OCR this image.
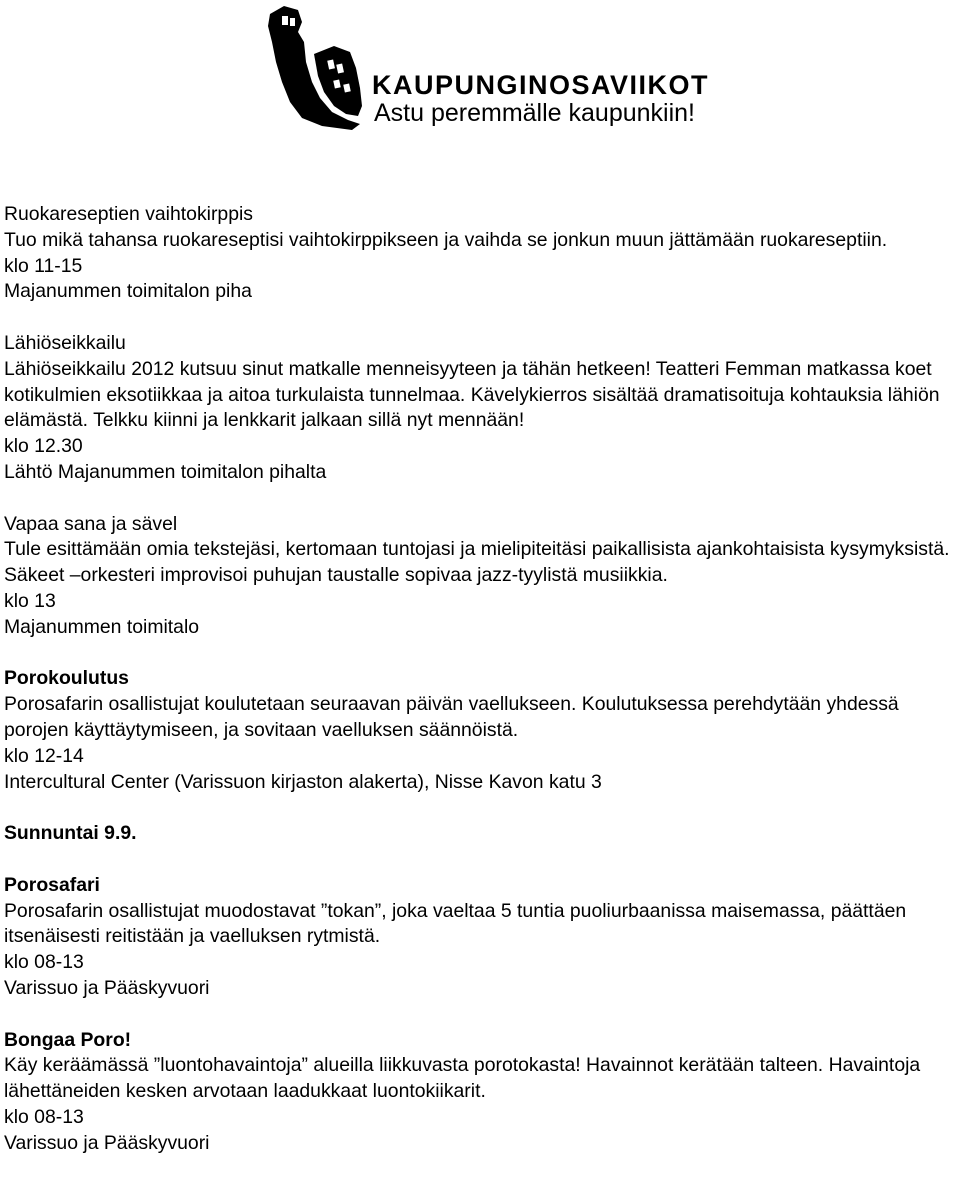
KAUPUNGINOSAVIIKOT
Astu peremmälle kaupunkiin!

Ruokareseptien vaihtokirppis

Tuo mikä tahansa ruokareseptisi vaihtokirppikseen ja vaihda se jonkun muun jättämään ruokareseptiin.

klo 11-15

Majanummen toimitalon piha

Lähiöseikkailu

Lähiöseikkailu 2012 kutsuu sinut matkalle menneisyyteen ja tähän hetkeen! Teatteri Femman matkassa koet kotikulmien eksotiikkaa ja aitoa turkulaista tunnelmaa. Kävelykierros sisältää dramatisoituja kohtauksia lähiön elämästä. Telkku kiinni ja lenkkarit jalkaan sillä nyt mennään!

klo 12.30

Lähtö Majanummen toimitalon pihalta

Vapaa sana ja sävel

Tule esittämään omia tekstejäsi, kertomaan tuntojasi ja mielipiteitäsi paikallisista ajankohtaisista kysymyksistä. Säkeet –orkesteri improvisoi puhujan taustalle sopivaa jazz-tyylistä musiikkia.

klo 13

Majanummen toimitalo

Porokoulutus

Porosafarin osallistujat koulutetaan seuraavan päivän vaellukseen. Koulutuksessa perehdytään yhdessä porojen käyttäytymiseen, ja sovitaan vaelluksen säännöistä.

klo 12-14

Intercultural Center (Varissuon kirjaston alakerta), Nisse Kavon katu 3

Sunnuntai 9.9.

Porosafari

Porosafarin osallistujat muodostavat ”tokan”, joka vaeltaa 5 tuntia puoliurbaanissa maisemassa, päättäen itsenäisesti reitistään ja vaelluksen rytmistä.

klo 08-13

Varissuo ja Pääskyvuori

Bongaa Poro!

Käy keräämässä ”luontohavaintoja” alueilla liikkuvasta porotokasta! Havainnot kerätään talteen. Havaintoja lähettäneiden kesken arvotaan laadukkaat luontokiikarit.

klo 08-13

Varissuo ja Pääskyvuori
